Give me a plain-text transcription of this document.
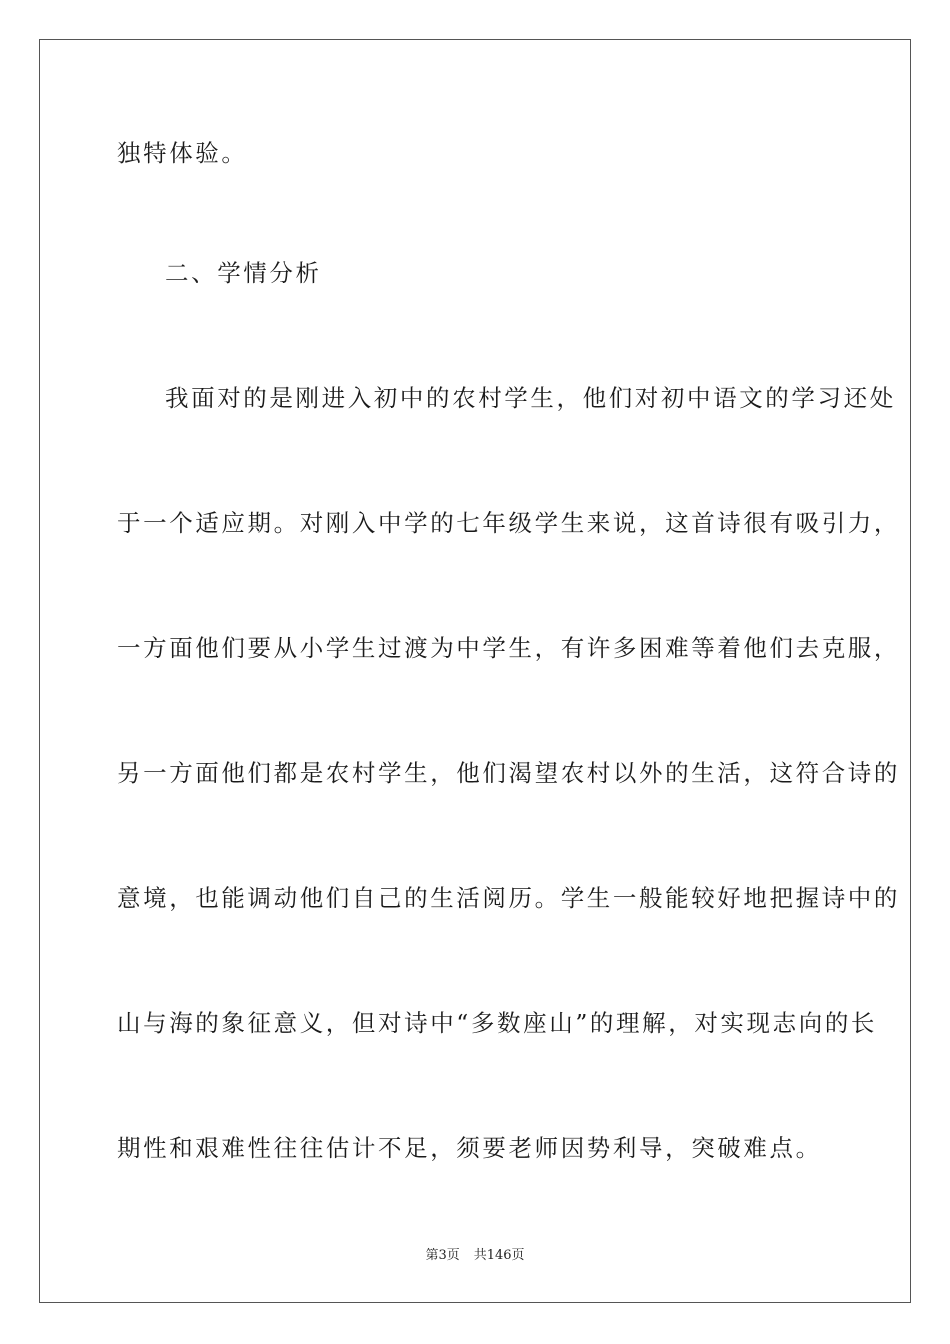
独特体验。
二、学情分析
我面对的是刚进入初中的农村学生，他们对初中语文的学习还处
于一个适应期。对刚入中学的七年级学生来说，这首诗很有吸引力，
一方面他们要从小学生过渡为中学生，有许多困难等着他们去克服，
另一方面他们都是农村学生，他们渴望农村以外的生活，这符合诗的
意境，也能调动他们自己的生活阅历。学生一般能较好地把握诗中的
山与海的象征意义，但对诗中“多数座山”的理解，对实现志向的长
期性和艰难性往往估计不足，须要老师因势利导，突破难点。
第3页 共146页
